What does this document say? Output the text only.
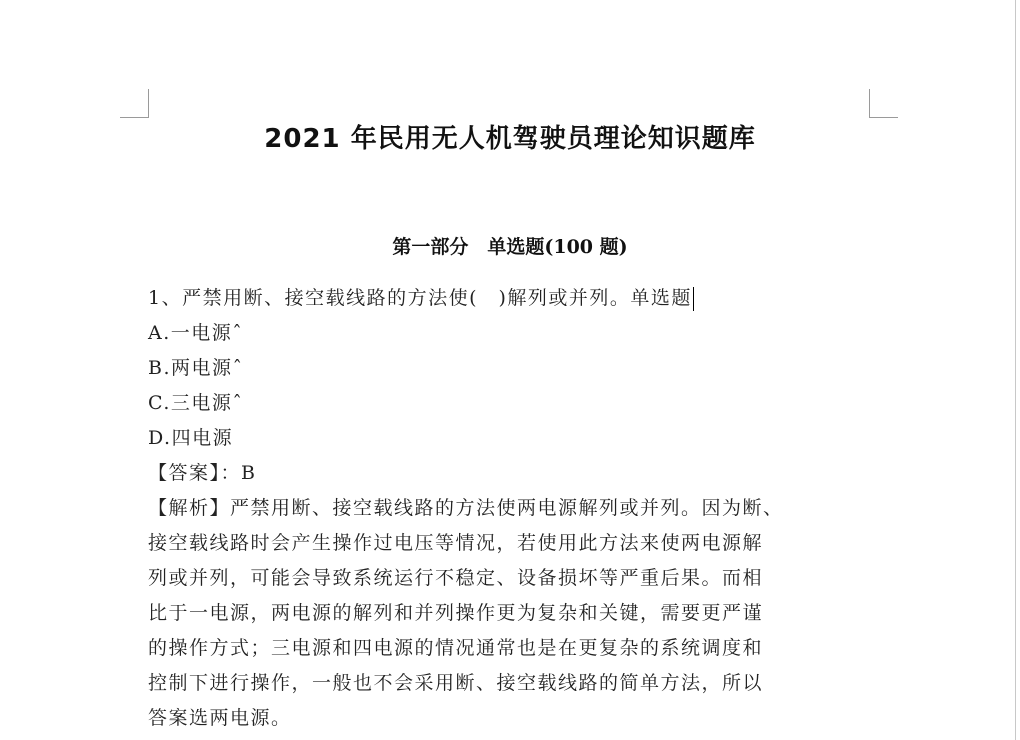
2021 年民用无人机驾驶员理论知识题库
第一部分　单选题(100 题)
1、严禁用断、接空载线路的方法使(　)解列或并列。单选题
A.一电源ˆ
B.两电源ˆ
C.三电源ˆ
D.四电源
【答案】：B
【解析】严禁用断、接空载线路的方法使两电源解列或并列。因为断、
接空载线路时会产生操作过电压等情况，若使用此方法来使两电源解
列或并列，可能会导致系统运行不稳定、设备损坏等严重后果。而相
比于一电源，两电源的解列和并列操作更为复杂和关键，需要更严谨
的操作方式；三电源和四电源的情况通常也是在更复杂的系统调度和
控制下进行操作，一般也不会采用断、接空载线路的简单方法，所以
答案选两电源。
